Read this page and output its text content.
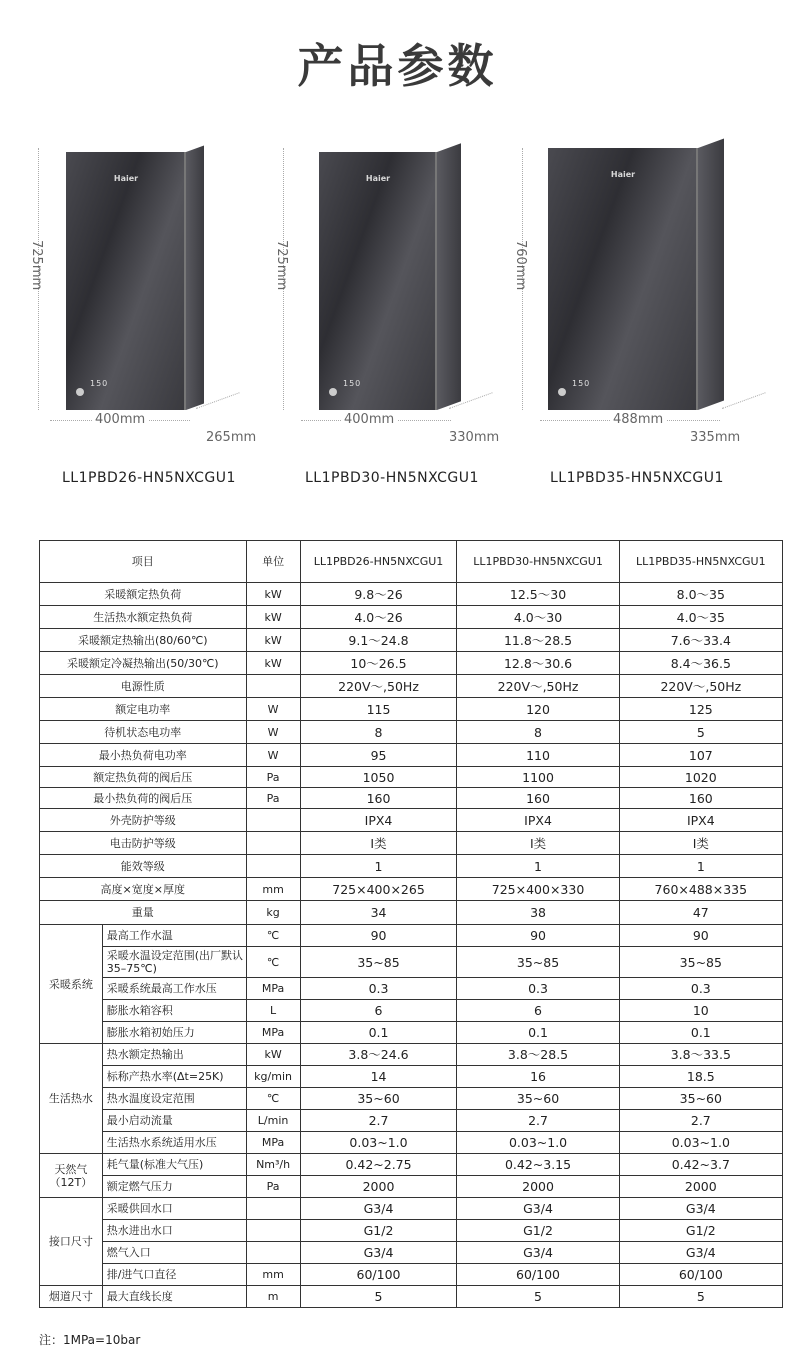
产品参数
725mm
Haier
150
400mm
265mm
LL1PBD26-HN5NXCGU1
725mm
Haier
150
400mm
330mm
LL1PBD30-HN5NXCGU1
760mm
Haier
150
488mm
335mm
LL1PBD35-HN5NXCGU1
项目		单位	LL1PBD26-HN5NXCGU1	LL1PBD30-HN5NXCGU1	LL1PBD35-HN5NXCGU1
采暖额定热负荷		kW	9.8～26	12.5～30	8.0～35
生活热水额定热负荷		kW	4.0～26	4.0～30	4.0～35
采暖额定热输出(80/60℃)		kW	9.1～24.8	11.8～28.5	7.6～33.4
采暖额定冷凝热输出(50/30℃)		kW	10～26.5	12.8～30.6	8.4～36.5
电源性质			220V～,50Hz	220V～,50Hz	220V～,50Hz
额定电功率		W	115	120	125
待机状态电功率		W	8	8	5
最小热负荷电功率		W	95	110	107
额定热负荷的阀后压		Pa	1050	1100	1020
最小热负荷的阀后压		Pa	160	160	160
外壳防护等级			IPX4	IPX4	IPX4
电击防护等级			Ⅰ类	Ⅰ类	Ⅰ类
能效等级			1	1	1
高度×宽度×厚度		mm	725×400×265	725×400×330	760×488×335
重量		kg	34	38	47
采暖系统	最高工作水温	℃	90	90	90
	采暖水温设定范围(出厂默认35–75℃)	℃	35~85	35~85	35~85
	采暖系统最高工作水压	MPa	0.3	0.3	0.3
	膨胀水箱容积	L	6	6	10
	膨胀水箱初始压力	MPa	0.1	0.1	0.1
生活热水	热水额定热输出	kW	3.8～24.6	3.8～28.5	3.8～33.5
	标称产热水率(Δt=25K)	kg/min	14	16	18.5
	热水温度设定范围	℃	35~60	35~60	35~60
	最小启动流量	L/min	2.7	2.7	2.7
	生活热水系统适用水压	MPa	0.03~1.0	0.03~1.0	0.03~1.0
天然气（12T）	耗气量(标准大气压)	Nm³/h	0.42~2.75	0.42~3.15	0.42~3.7
	额定燃气压力	Pa	2000	2000	2000
接口尺寸	采暖供回水口		G3/4	G3/4	G3/4
	热水进出水口		G1/2	G1/2	G1/2
	燃气入口		G3/4	G3/4	G3/4
	排/进气口直径	mm	60/100	60/100	60/100
烟道尺寸	最大直线长度	m	5	5	5
注：1MPa=10bar
